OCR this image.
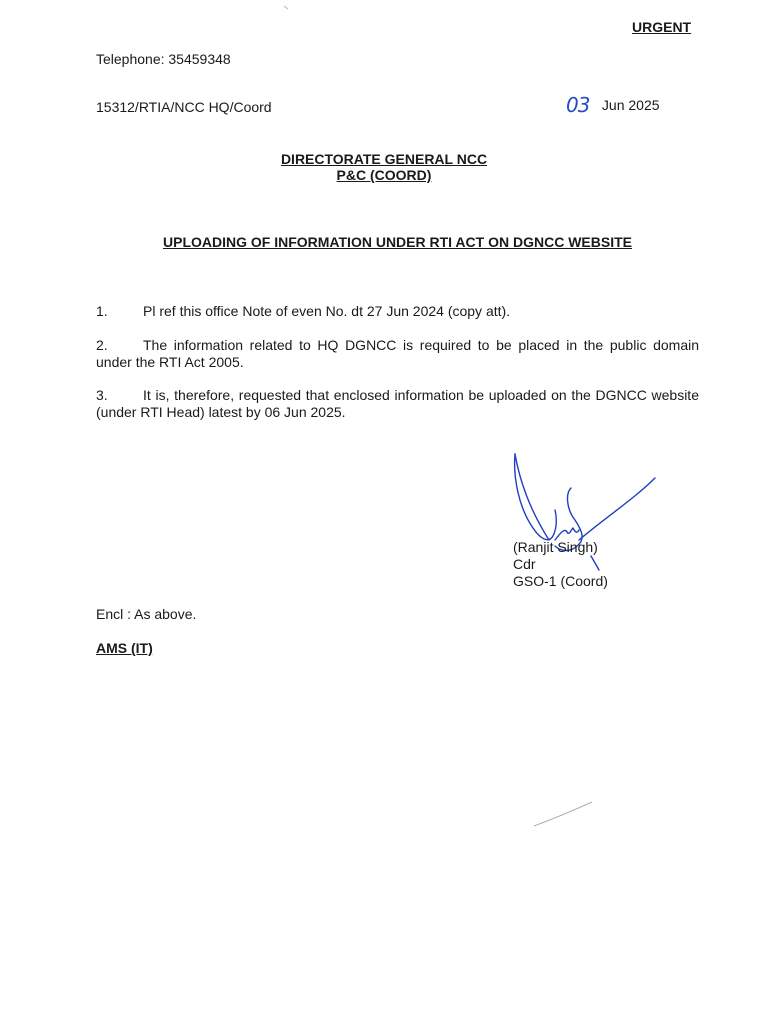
URGENT
Telephone: 35459348
15312/RTIA/NCC HQ/Coord	03 Jun 2025
DIRECTORATE GENERAL NCC
P&C (COORD)
UPLOADING OF INFORMATION UNDER RTI ACT ON DGNCC WEBSITE
1.	Pl ref this office Note of even No. dt 27 Jun 2024 (copy att).
2.	The information related to HQ DGNCC is required to be placed in the public domain under the RTI Act 2005.
3.	It is, therefore, requested that enclosed information be uploaded on the DGNCC website (under RTI Head) latest by 06 Jun 2025.
(Ranjit Singh)
Cdr
GSO-1 (Coord)
Encl : As above.
AMS (IT)
